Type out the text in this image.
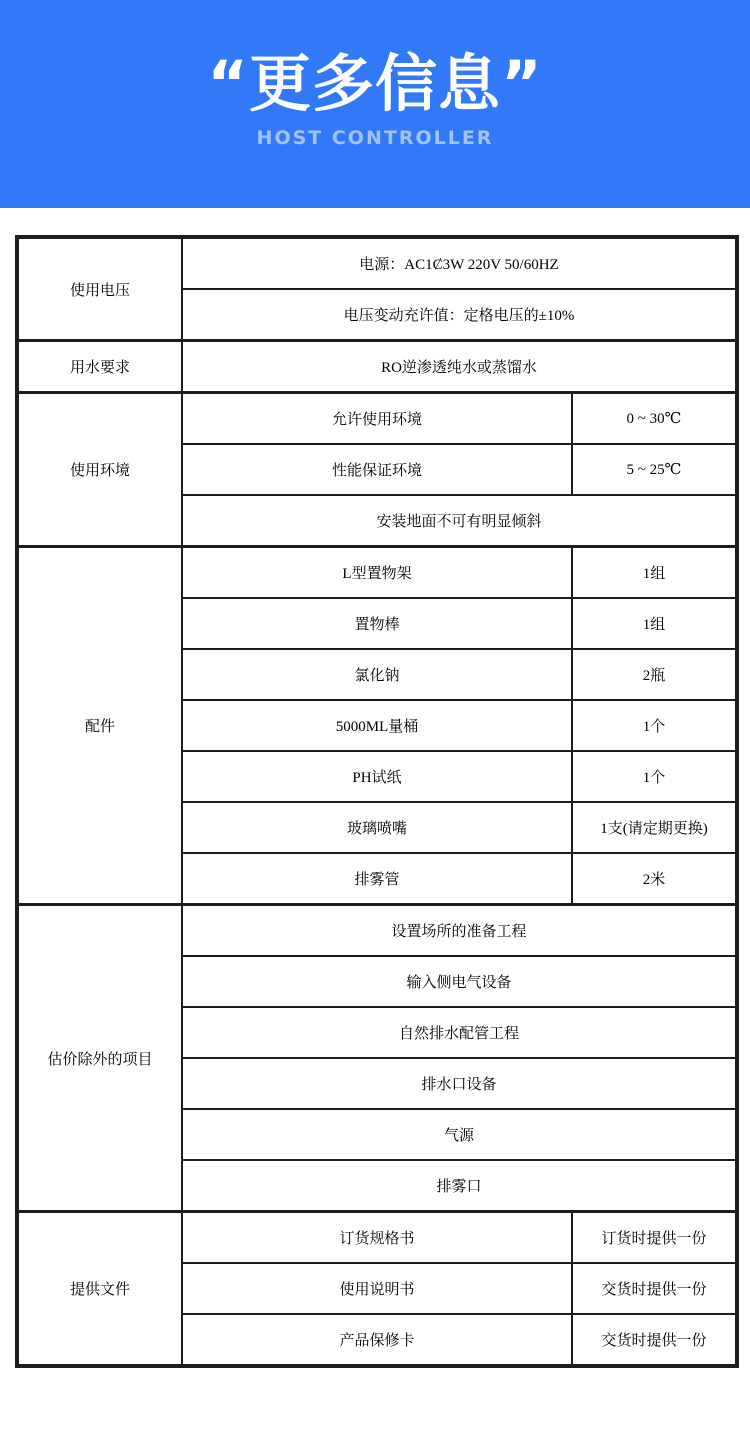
“更多信息”
HOST CONTROLLER
使用电压	电源：AC1Ȼ3W 220V 50/60HZ	
	电压变动充许值：定格电压的±10%	
用水要求	RO逆渗透纯水或蒸馏水	
使用环境	允许使用环境	0 ~ 30℃
	性能保证环境	5 ~ 25℃
	安装地面不可有明显倾斜	
配件	L型置物架	1组
	置物棒	1组
	氯化钠	2瓶
	5000ML量桶	1个
	PH试纸	1个
	玻璃喷嘴	1支(请定期更换)
	排雾管	2米
估价除外的项目	设置场所的准备工程	
	输入侧电气设备	
	自然排水配管工程	
	排水口设备	
	气源	
	排雾口	
提供文件	订货规格书	订货时提供一份
	使用说明书	交货时提供一份
	产品保修卡	交货时提供一份
